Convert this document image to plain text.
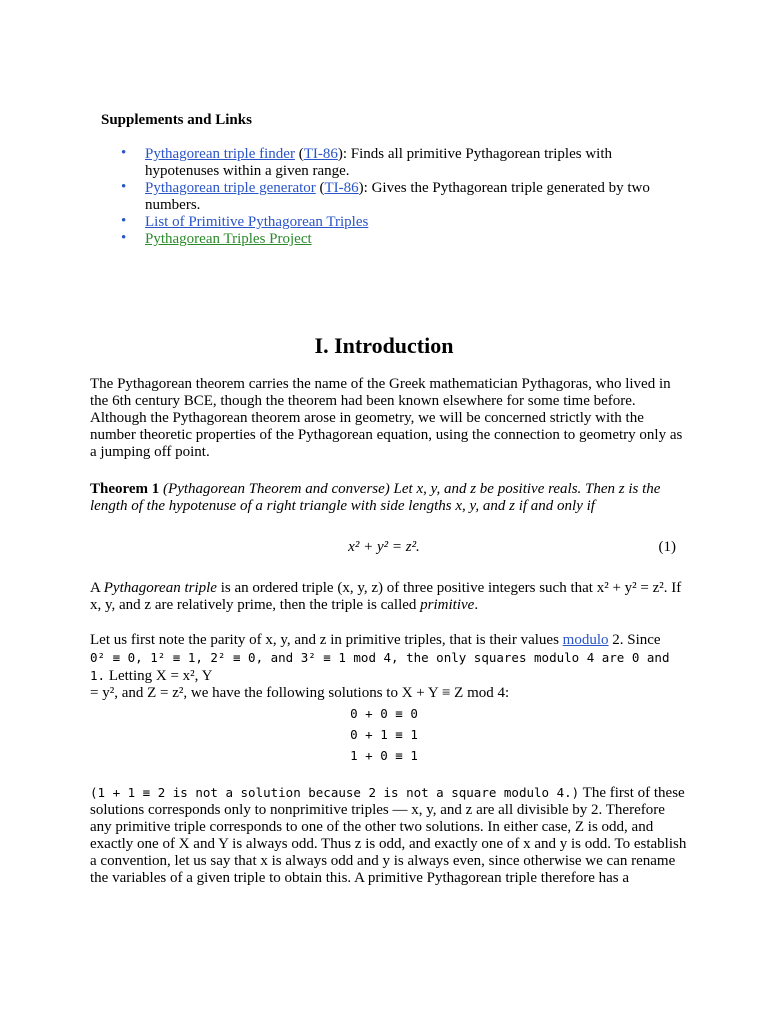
Supplements and Links
• Pythagorean triple finder (TI-86): Finds all primitive Pythagorean triples with hypotenuses within a given range.
• Pythagorean triple generator (TI-86): Gives the Pythagorean triple generated by two numbers.
• List of Primitive Pythagorean Triples
• Pythagorean Triples Project
I. Introduction
The Pythagorean theorem carries the name of the Greek mathematician Pythagoras, who lived in the 6th century BCE, though the theorem had been known elsewhere for some time before. Although the Pythagorean theorem arose in geometry, we will be concerned strictly with the number theoretic properties of the Pythagorean equation, using the connection to geometry only as a jumping off point.
Theorem 1 (Pythagorean Theorem and converse) Let x, y, and z be positive reals. Then z is the length of the hypotenuse of a right triangle with side lengths x, y, and z if and only if
x² + y² = z².	(1)
A Pythagorean triple is an ordered triple (x, y, z) of three positive integers such that x² + y² = z². If x, y, and z are relatively prime, then the triple is called primitive.
Let us first note the parity of x, y, and z in primitive triples, that is their values modulo 2. Since
0² ≡ 0, 1² ≡ 1, 2² ≡ 0, and 3² ≡ 1 mod 4, the only squares modulo 4 are 0 and 1. Letting X = x², Y
= y², and Z = z², we have the following solutions to X + Y ≡ Z mod 4:
0 + 0 ≡ 0
0 + 1 ≡ 1
1 + 0 ≡ 1
(1 + 1 ≡ 2 is not a solution because 2 is not a square modulo 4.) The first of these solutions corresponds only to nonprimitive triples — x, y, and z are all divisible by 2. Therefore any primitive triple corresponds to one of the other two solutions. In either case, Z is odd, and exactly one of X and Y is always odd. Thus z is odd, and exactly one of x and y is odd. To establish a convention, let us say that x is always odd and y is always even, since otherwise we can rename the variables of a given triple to obtain this. A primitive Pythagorean triple therefore has a
